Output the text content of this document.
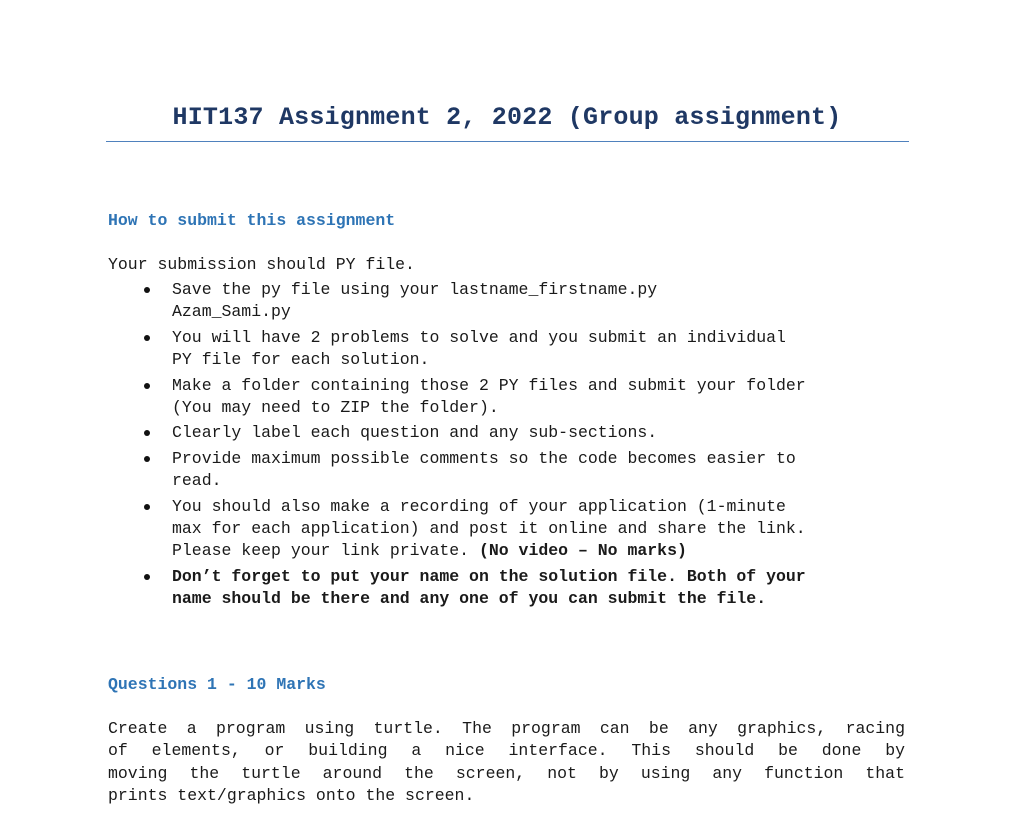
HIT137 Assignment 2, 2022 (Group assignment)
How to submit this assignment
Your submission should PY file.
Save the py file using your lastname_firstname.py
Azam_Sami.py
You will have 2 problems to solve and you submit an individual
PY file for each solution.
Make a folder containing those 2 PY files and submit your folder
(You may need to ZIP the folder).
Clearly label each question and any sub-sections.
Provide maximum possible comments so the code becomes easier to
read.
You should also make a recording of your application (1-minute
max for each application) and post it online and share the link.
Please keep your link private. (No video – No marks)
Don’t forget to put your name on the solution file. Both of your
name should be there and any one of you can submit the file.
Questions 1 - 10 Marks
Create a program using turtle. The program can be any graphics, racing
of elements, or building a nice interface. This should be done by
moving the turtle around the screen, not by using any function that
prints text/graphics onto the screen.
